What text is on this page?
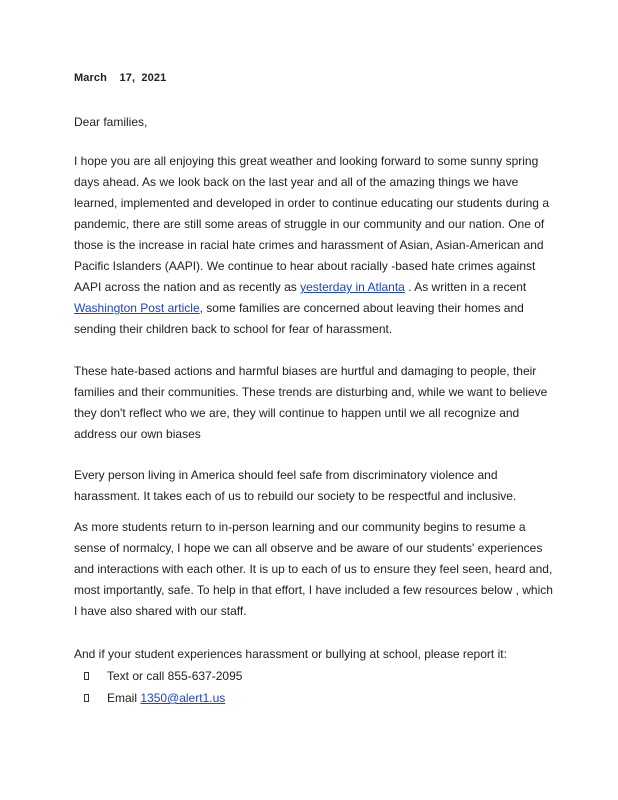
March    17,  2021
Dear families,

I hope you are all enjoying this great weather and looking forward to some sunny spring days ahead. As we look back on the last year and all of the amazing things we have learned, implemented and developed in order to continue educating our students during a pandemic, there are still some areas of struggle in our community and our nation. One of those is the increase in racial hate crimes and harassment of Asian, Asian-American and Pacific Islanders (AAPI). We continue to hear about racially -based hate crimes against AAPI across the nation and as recently as yesterday in Atlanta . As written in a recent Washington Post article, some families are concerned about leaving their homes and sending their children back to school for fear of harassment.

These hate-based actions and harmful biases are hurtful and damaging to people, their families and their communities. These trends are disturbing and, while we want to believe they don't reflect who we are, they will continue to happen until we all recognize and address our own biases

Every person living in America should feel safe from discriminatory violence and harassment. It takes each of us to rebuild our society to be respectful and inclusive.

As more students return to in-person learning and our community begins to resume a sense of normalcy, I hope we can all observe and be aware of our students' experiences and interactions with each other. It is up to each of us to ensure they feel seen, heard and, most importantly, safe. To help in that effort, I have included a few resources below , which I have also shared with our staff.

And if your student experiences harassment or bullying at school, please report it:

Text or call 855-637-2095
Email 1350@alert1.us
